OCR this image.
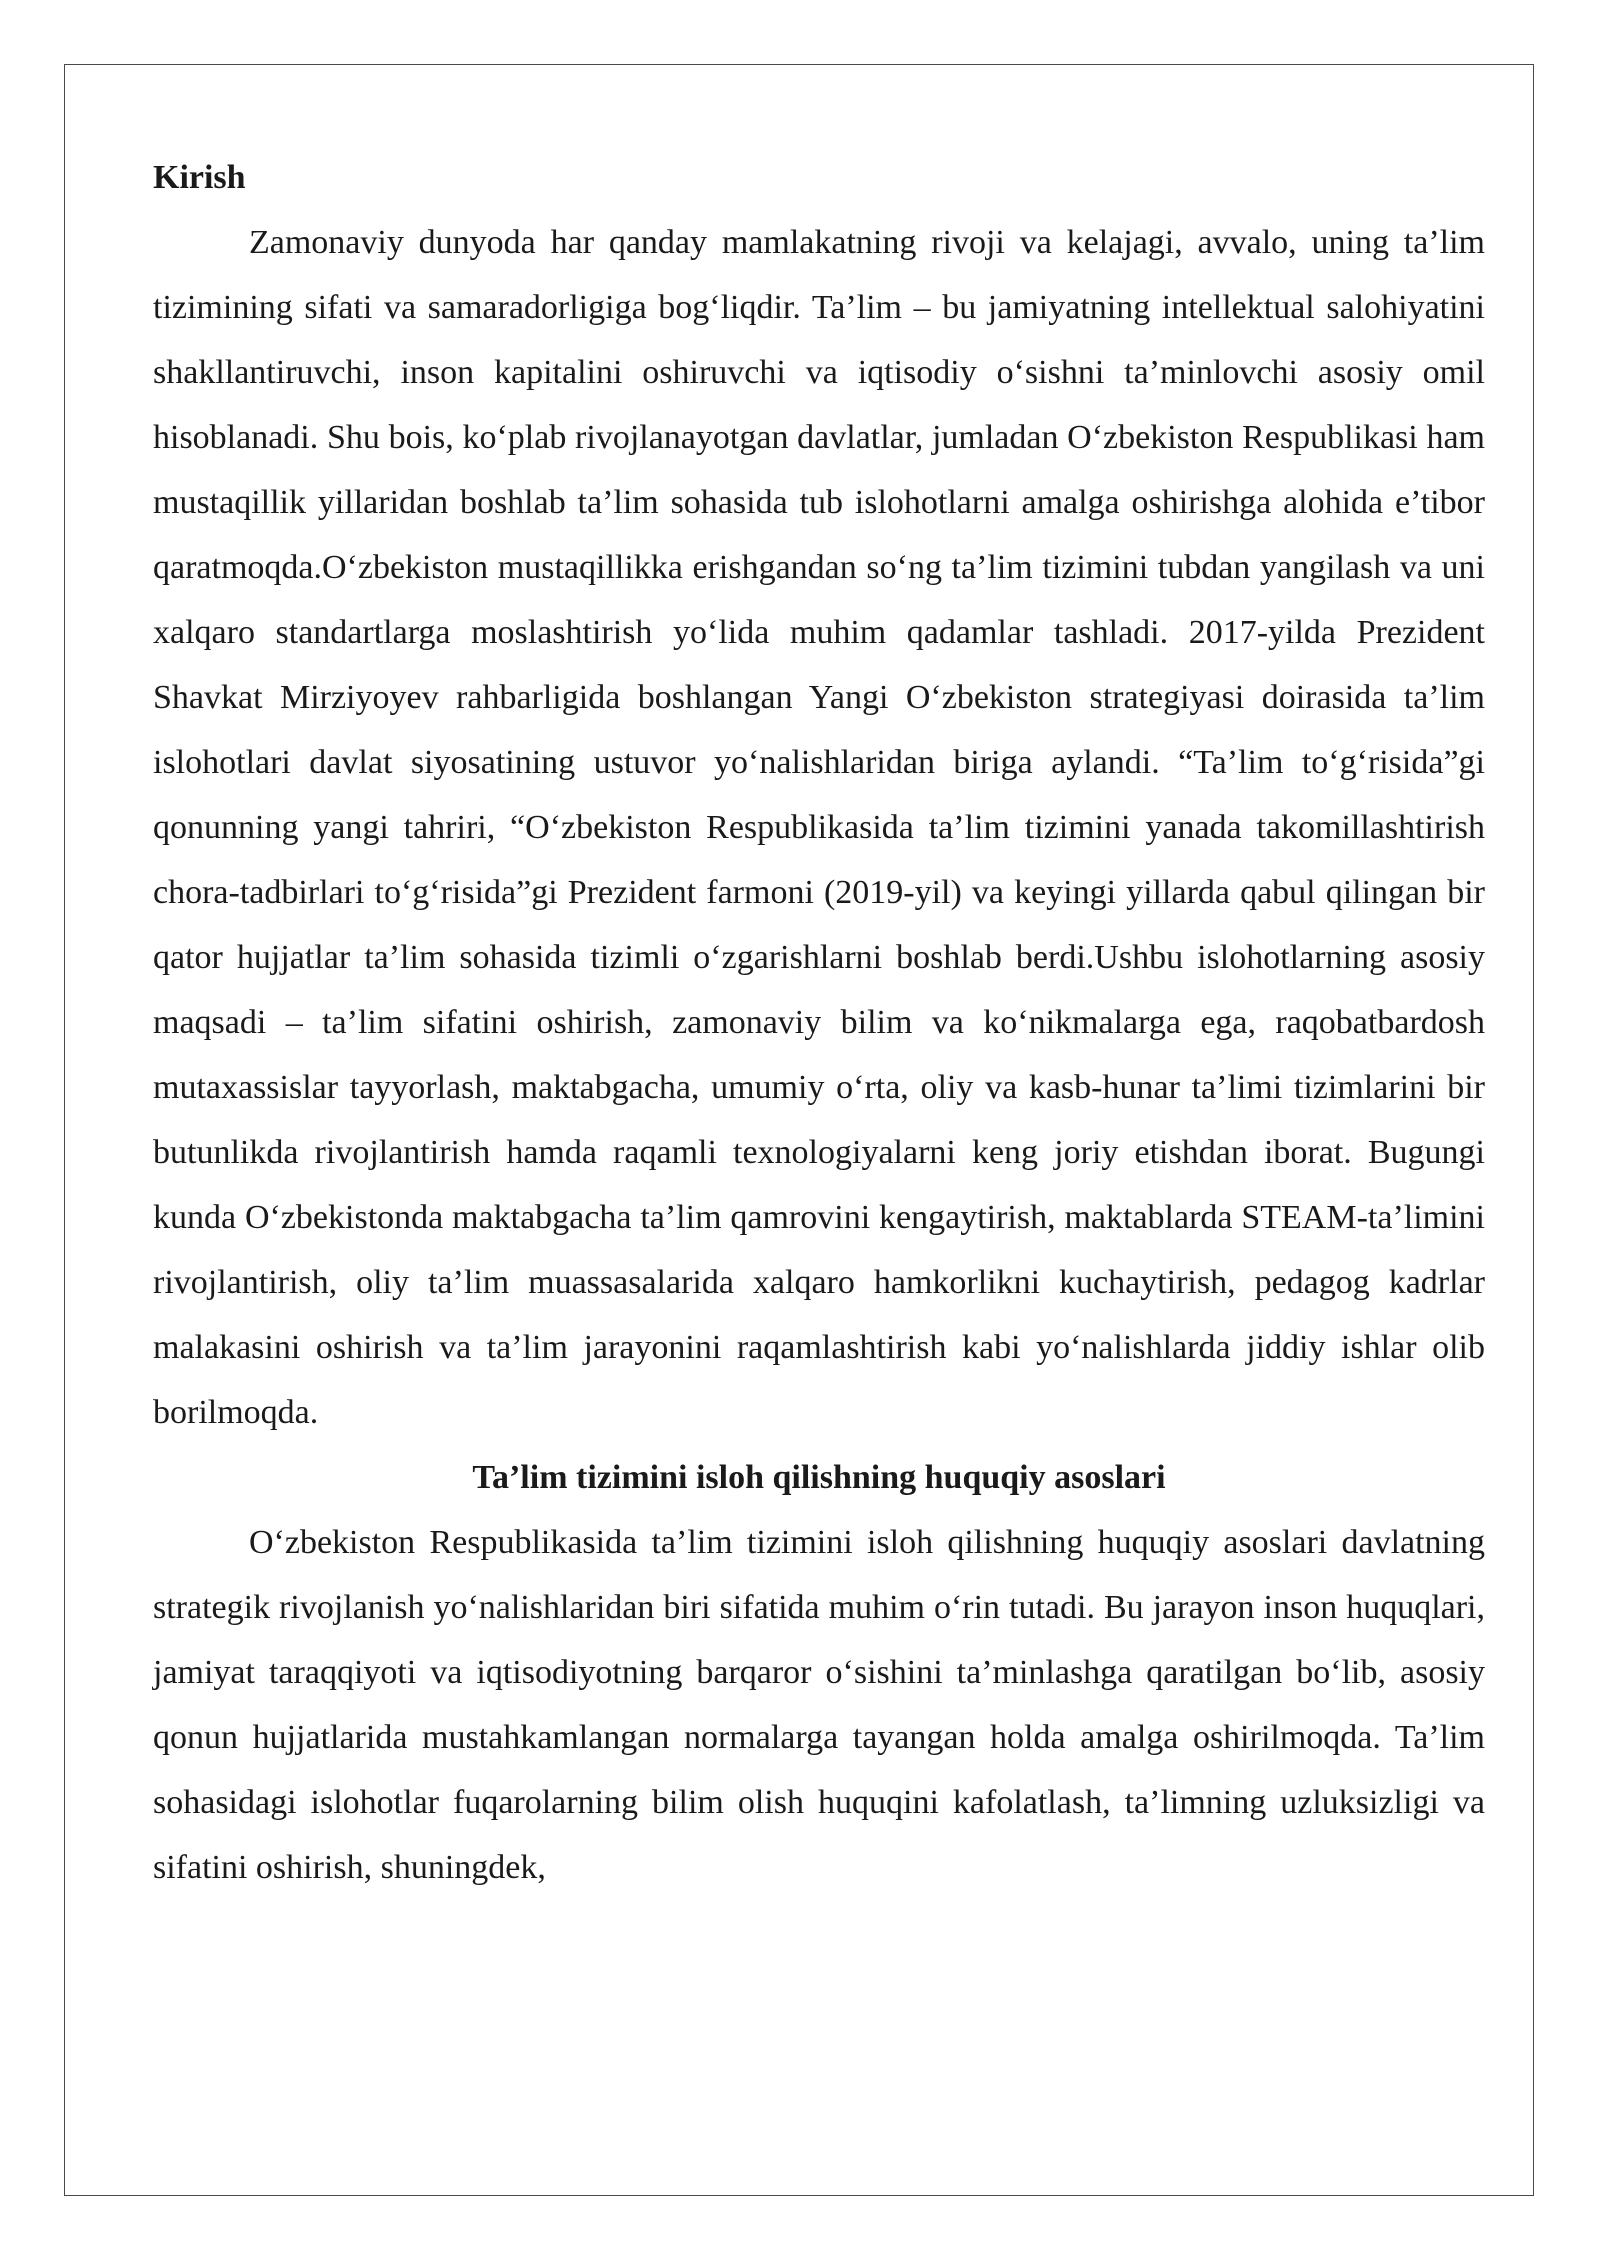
Kirish

Zamonaviy dunyoda har qanday mamlakatning rivoji va kelajagi, avvalo, uning ta’lim tizimining sifati va samaradorligiga bog‘liqdir. Ta’lim – bu jamiyatning intellektual salohiyatini shakllantiruvchi, inson kapitalini oshiruvchi va iqtisodiy o‘sishni ta’minlovchi asosiy omil hisoblanadi. Shu bois, ko‘plab rivojlanayotgan davlatlar, jumladan O‘zbekiston Respublikasi ham mustaqillik yillaridan boshlab ta’lim sohasida tub islohotlarni amalga oshirishga alohida e’tibor qaratmoqda.O‘zbekiston mustaqillikka erishgandan so‘ng ta’lim tizimini tubdan yangilash va uni xalqaro standartlarga moslashtirish yo‘lida muhim qadamlar tashladi. 2017-yilda Prezident Shavkat Mirziyoyev rahbarligida boshlangan Yangi O‘zbekiston strategiyasi doirasida ta’lim islohotlari davlat siyosatining ustuvor yo‘nalishlaridan biriga aylandi. “Ta’lim to‘g‘risida”gi qonunning yangi tahriri, “O‘zbekiston Respublikasida ta’lim tizimini yanada takomillashtirish chora-tadbirlari to‘g‘risida”gi Prezident farmoni (2019-yil) va keyingi yillarda qabul qilingan bir qator hujjatlar ta’lim sohasida tizimli o‘zgarishlarni boshlab berdi.Ushbu islohotlarning asosiy maqsadi – ta’lim sifatini oshirish, zamonaviy bilim va ko‘nikmalarga ega, raqobatbardosh mutaxassislar tayyorlash, maktabgacha, umumiy o‘rta, oliy va kasb-hunar ta’limi tizimlarini bir butunlikda rivojlantirish hamda raqamli texnologiyalarni keng joriy etishdan iborat. Bugungi kunda O‘zbekistonda maktabgacha ta’lim qamrovini kengaytirish, maktablarda STEAM-ta’limini rivojlantirish, oliy ta’lim muassasalarida xalqaro hamkorlikni kuchaytirish, pedagog kadrlar malakasini oshirish va ta’lim jarayonini raqamlashtirish kabi yo‘nalishlarda jiddiy ishlar olib borilmoqda.

Ta’lim tizimini isloh qilishning huquqiy asoslari

O‘zbekiston Respublikasida ta’lim tizimini isloh qilishning huquqiy asoslari davlatning strategik rivojlanish yo‘nalishlaridan biri sifatida muhim o‘rin tutadi. Bu jarayon inson huquqlari, jamiyat taraqqiyoti va iqtisodiyotning barqaror o‘sishini ta’minlashga qaratilgan bo‘lib, asosiy qonun hujjatlarida mustahkamlangan normalarga tayangan holda amalga oshirilmoqda. Ta’lim sohasidagi islohotlar fuqarolarning bilim olish huquqini kafolatlash, ta’limning uzluksizligi va sifatini oshirish, shuningdek,
